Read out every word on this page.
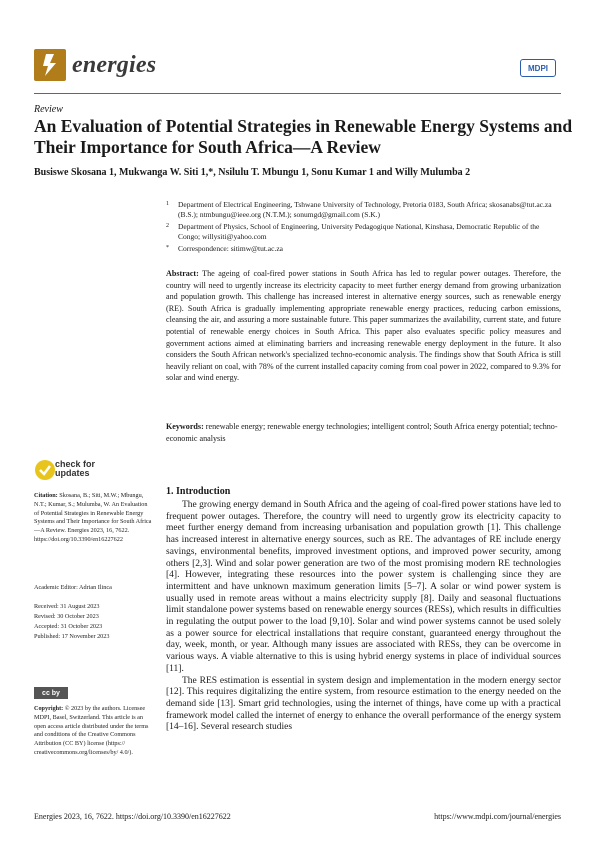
energies	MDPI
Review
An Evaluation of Potential Strategies in Renewable Energy Systems and Their Importance for South Africa—A Review
Busiswe Skosana 1, Mukwanga W. Siti 1,*, Nsilulu T. Mbungu 1, Sonu Kumar 1 and Willy Mulumba 2
1 Department of Electrical Engineering, Tshwane University of Technology, Pretoria 0183, South Africa; skosanabs@tut.ac.za (B.S.); ntmbungu@ieee.org (N.T.M.); sonumgd@gmail.com (S.K.)
2 Department of Physics, School of Engineering, University Pedagogique National, Kinshasa, Democratic Republic of the Congo; willysiti@yahoo.com
* Correspondence: sitimw@tut.ac.za
Abstract: The ageing of coal-fired power stations in South Africa has led to regular power outages. Therefore, the country will need to urgently increase its electricity capacity to meet further energy demand from growing urbanization and population growth. This challenge has increased interest in alternative energy sources, such as renewable energy (RE). South Africa is gradually implementing appropriate renewable energy practices, reducing carbon emissions, cleansing the air, and assuring a more sustainable future. This paper summarizes the availability, current state, and future potential of renewable energy choices in South Africa. This paper also evaluates specific policy measures and government actions aimed at eliminating barriers and increasing renewable energy deployment in the future. It also considers the South African network's specialized techno-economic analysis. The findings show that South Africa is still heavily reliant on coal, with 78% of the current installed capacity coming from coal power in 2022, compared to 9.3% for solar and wind energy.
Keywords: renewable energy; renewable energy technologies; intelligent control; South Africa energy potential; techno-economic analysis
check for
updates
Citation: Skosana, B.; Siti, M.W.; Mbungu, N.T.; Kumar, S.; Mulumba, W. An Evaluation of Potential Strategies in Renewable Energy Systems and Their Importance for South Africa—A Review. Energies 2023, 16, 7622. https://doi.org/10.3390/en16227622
Academic Editor: Adrian Ilinca
Received: 31 August 2023
Revised: 30 October 2023
Accepted: 31 October 2023
Published: 17 November 2023
cc by
Copyright: © 2023 by the authors. Licensee MDPI, Basel, Switzerland. This article is an open access article distributed under the terms and conditions of the Creative Commons Attribution (CC BY) license (https:// creativecommons.org/licenses/by/ 4.0/).
1. Introduction

The growing energy demand in South Africa and the ageing of coal-fired power stations have led to frequent power outages. Therefore, the country will need to urgently grow its electricity capacity to meet further energy demand from increasing urbanisation and population growth [1]. This challenge has increased interest in alternative energy sources, such as RE. The advantages of RE include energy savings, environmental benefits, improved investment options, and improved power security, among others [2,3]. Wind and solar power generation are two of the most promising modern RE technologies [4]. However, integrating these resources into the power system is challenging since they are intermittent and have unknown maximum generation limits [5–7]. A solar or wind power system is usually used in remote areas without a mains electricity supply [8]. Daily and seasonal fluctuations limit standalone power systems based on renewable energy sources (RESs), which results in difficulties in regulating the output power to the load [9,10]. Solar and wind power systems cannot be used solely as a power source for electrical installations that require constant, guaranteed energy throughout the day, week, month, or year. Although many issues are associated with RESs, they can be overcome in various ways. A viable alternative to this is using hybrid energy systems in place of individual sources [11].

The RES estimation is essential in system design and implementation in the modern energy sector [12]. This requires digitalizing the entire system, from resource estimation to the energy needed on the demand side [13]. Smart grid technologies, using the internet of things, have come up with a practical framework model called the internet of energy to enhance the overall performance of the energy system [14–16]. Several research studies

Energies 2023, 16, 7622. https://doi.org/10.3390/en16227622	https://www.mdpi.com/journal/energies
